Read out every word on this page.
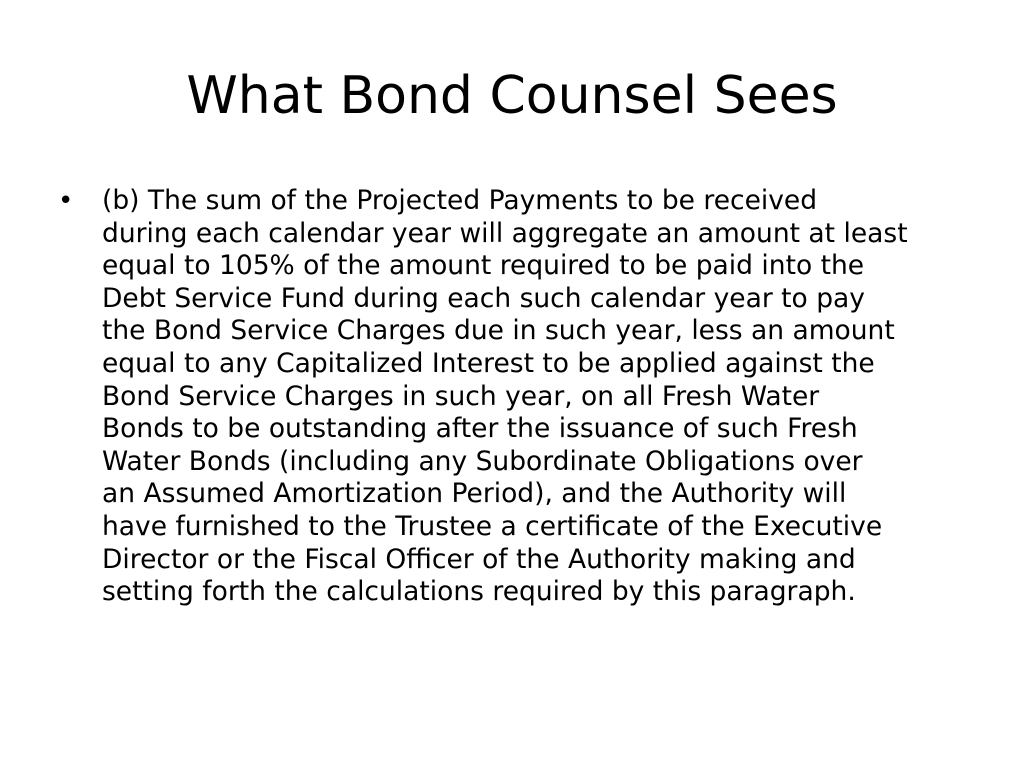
What Bond Counsel Sees
•	(b) The sum of the Projected Payments to be received
during each calendar year will aggregate an amount at least
equal to 105% of the amount required to be paid into the
Debt Service Fund during each such calendar year to pay
the Bond Service Charges due in such year, less an amount
equal to any Capitalized Interest to be applied against the
Bond Service Charges in such year, on all Fresh Water
Bonds to be outstanding after the issuance of such Fresh
Water Bonds (including any Subordinate Obligations over
an Assumed Amortization Period), and the Authority will
have furnished to the Trustee a certificate of the Executive
Director or the Fiscal Officer of the Authority making and
setting forth the calculations required by this paragraph.
